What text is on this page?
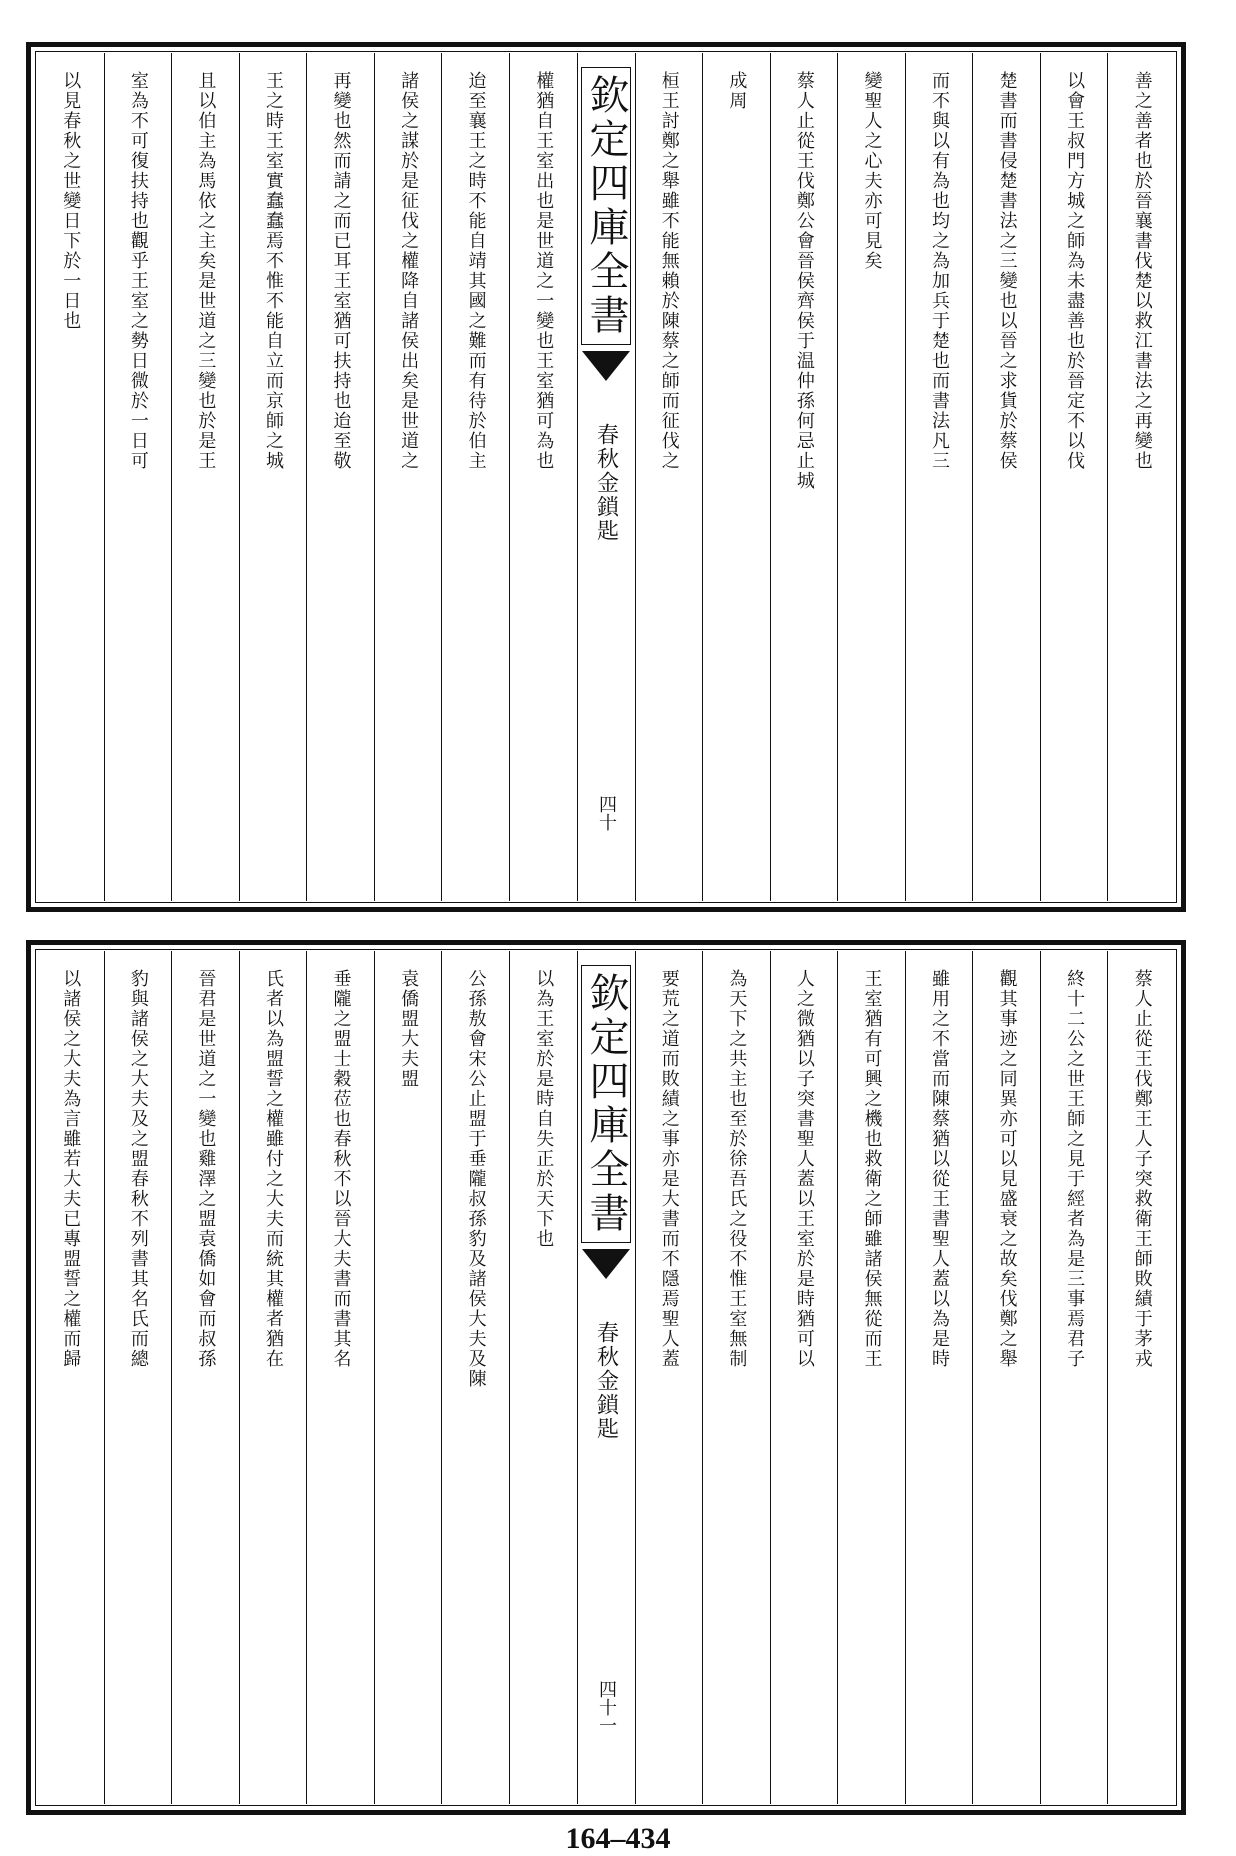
善之善者也於晉襄書伐楚以救江書法之再變也
以會王叔門方城之師為未盡善也於晉定不以伐
楚書而書侵楚書法之三變也以晉之求貨於蔡侯
而不與以有為也均之為加兵于楚也而書法凡三
變聖人之心夫亦可見矣
蔡人止從王伐鄭公會晉侯齊侯于温仲孫何忌止城
成周
桓王討鄭之舉雖不能無賴於陳蔡之師而征伐之
欽定四庫全書
春秋金鎖匙
四十
權猶自王室出也是世道之一變也王室猶可為也
迨至襄王之時不能自靖其國之難而有待於伯主
諸侯之謀於是征伐之權降自諸侯出矣是世道之
再變也然而請之而已耳王室猶可扶持也迨至敬
王之時王室實蠢蠢焉不惟不能自立而京師之城
且以伯主為馬依之主矣是世道之三變也於是王
室為不可復扶持也觀乎王室之勢日微於一日可
以見春秋之世變日下於一日也
蔡人止從王伐鄭王人子突救衛王師敗績于茅戎
終十二公之世王師之見于經者為是三事焉君子
觀其事迹之同異亦可以見盛衰之故矣伐鄭之舉
雖用之不當而陳蔡猶以從王書聖人蓋以為是時
王室猶有可興之機也救衛之師雖諸侯無從而王
人之微猶以子突書聖人蓋以王室於是時猶可以
為天下之共主也至於徐吾氏之役不惟王室無制
要荒之道而敗績之事亦是大書而不隱焉聖人蓋
欽定四庫全書
春秋金鎖匙
四十一
以為王室於是時自失正於天下也
公孫敖會宋公止盟于垂隴叔孫豹及諸侯大夫及陳
袁僑盟大夫盟
垂隴之盟士穀莅也春秋不以晉大夫書而書其名
氏者以為盟誓之權雖付之大夫而統其權者猶在
晉君是世道之一變也雞澤之盟袁僑如會而叔孫
豹與諸侯之大夫及之盟春秋不列書其名氏而總
以諸侯之大夫為言雖若大夫已專盟誓之權而歸
164–434
